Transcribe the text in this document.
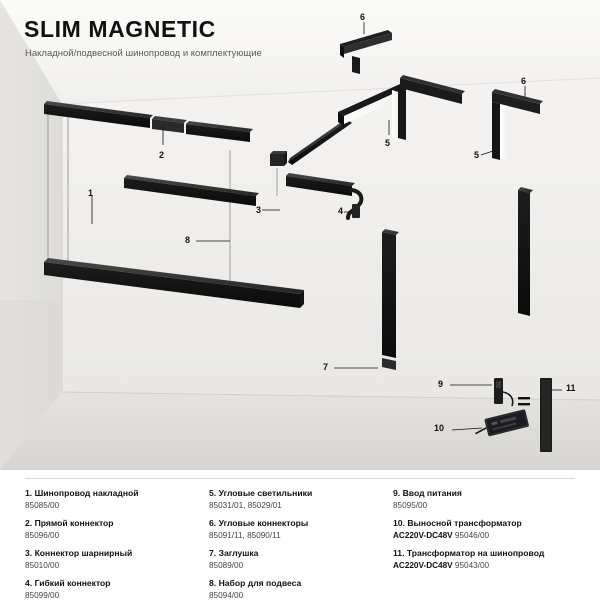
1
2
3	4
5
5
6
6
7
8
9
10
11
SLIM MAGNETIC
Накладной/подвесной шинопровод и комплектующие
1. Шинопровод накладной
85085/00
2. Прямой коннектор
85096/00
3. Коннектор шарнирный
85010/00
4. Гибкий коннектор
85099/00
5. Угловые светильники
85031/01, 85029/01
6. Угловые коннекторы
85091/11, 85090/11
7. Заглушка
85089/00
8. Набор для подвеса
85094/00
9. Ввод питания
85095/00
10. Выносной трансформатор
AC220V-DC48V 95046/00
11. Трансформатор на шинопровод
AC220V-DC48V 95043/00
